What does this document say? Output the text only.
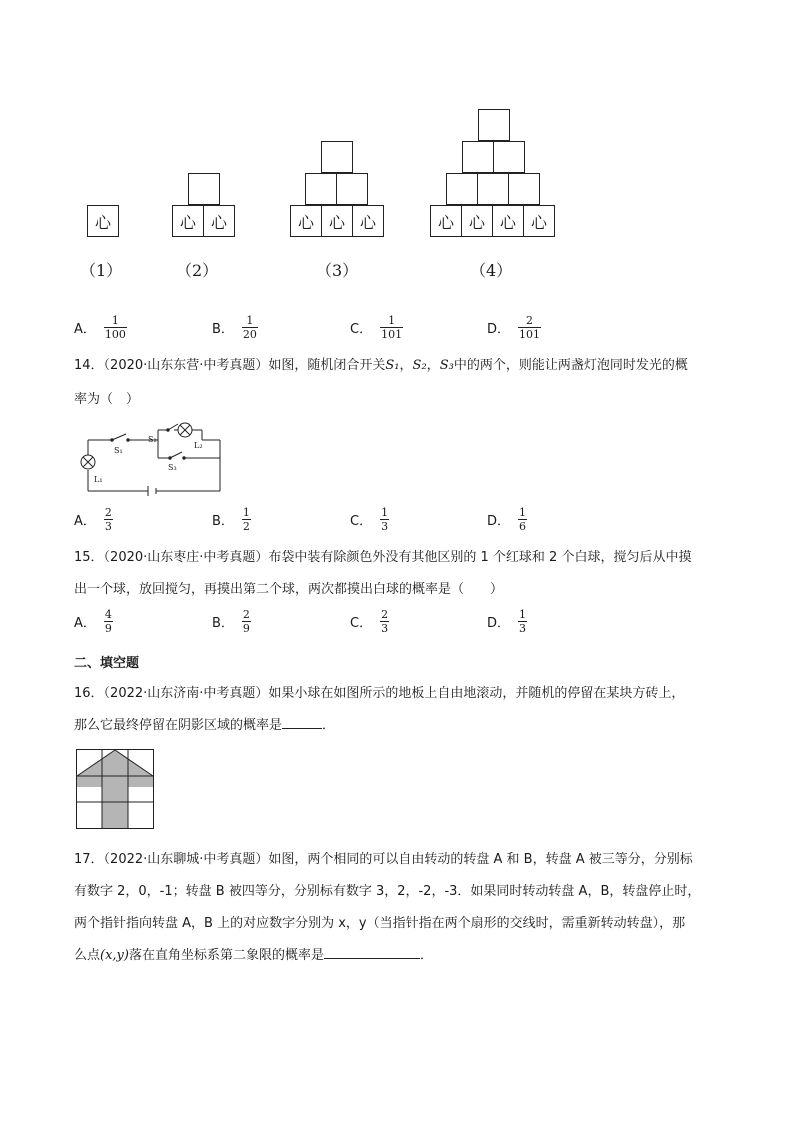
心	心 心	心 心 心	心 心 心 心
（1）	（2）	（3）	（4）
A． $\frac{1}{100}$	B． $\frac{1}{20}$	C． $\frac{1}{101}$	D． $\frac{2}{101}$
14．（2020·山东东营·中考真题）如图，随机闭合开关S₁，S₂，S₃中的两个，则能让两盏灯泡同时发光的概
率为（　）
S₁
S₂
S₃
L₁
L₂
A． $\frac{2}{3}$	B． $\frac{1}{2}$	C． $\frac{1}{3}$	D． $\frac{1}{6}$
15．（2020·山东枣庄·中考真题）布袋中装有除颜色外没有其他区别的 1 个红球和 2 个白球，搅匀后从中摸
出一个球，放回搅匀，再摸出第二个球，两次都摸出白球的概率是（　　）
A． $\frac{4}{9}$	B． $\frac{2}{9}$	C． $\frac{2}{3}$	D． $\frac{1}{3}$
二、填空题
16．（2022·山东济南·中考真题）如果小球在如图所示的地板上自由地滚动，并随机的停留在某块方砖上，
那么它最终停留在阴影区域的概率是	．
17．（2022·山东聊城·中考真题）如图，两个相同的可以自由转动的转盘 A 和 B，转盘 A 被三等分，分别标
有数字 2，0，-1；转盘 B 被四等分，分别标有数字 3，2，-2，-3．如果同时转动转盘 A，B，转盘停止时，
两个指针指向转盘 A，B 上的对应数字分别为 x，y（当指针指在两个扇形的交线时，需重新转动转盘），那
么点(x,y)落在直角坐标系第二象限的概率是	．
